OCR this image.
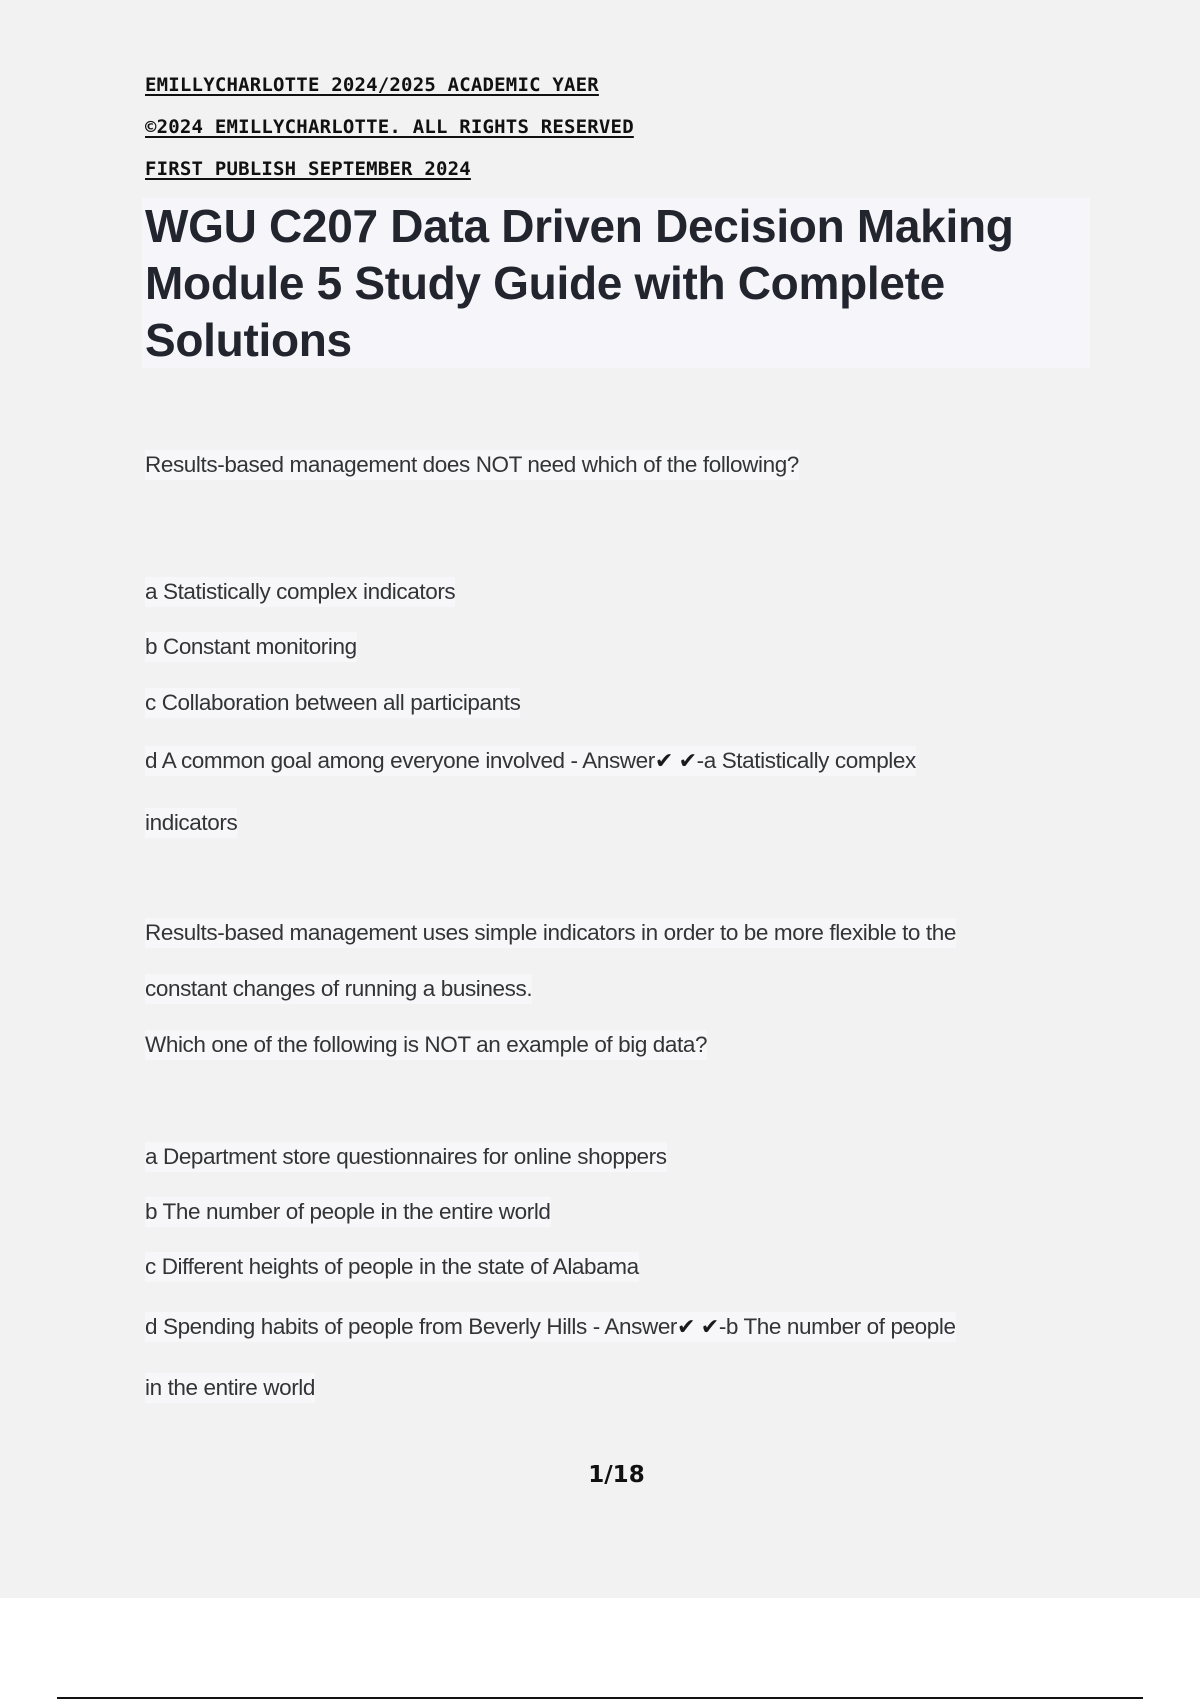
EMILLYCHARLOTTE 2024/2025 ACADEMIC YAER
©2024 EMILLYCHARLOTTE. ALL RIGHTS RESERVED
FIRST PUBLISH SEPTEMBER 2024
WGU C207 Data Driven Decision Making Module 5 Study Guide with Complete Solutions
Results-based management does NOT need which of the following?
a Statistically complex indicators
b Constant monitoring
c Collaboration between all participants
d A common goal among everyone involved - Answer✔ ✔-a Statistically complex
indicators
Results-based management uses simple indicators in order to be more flexible to the
constant changes of running a business.
Which one of the following is NOT an example of big data?
a Department store questionnaires for online shoppers
b The number of people in the entire world
c Different heights of people in the state of Alabama
d Spending habits of people from Beverly Hills - Answer✔ ✔-b The number of people
in the entire world
1/18
